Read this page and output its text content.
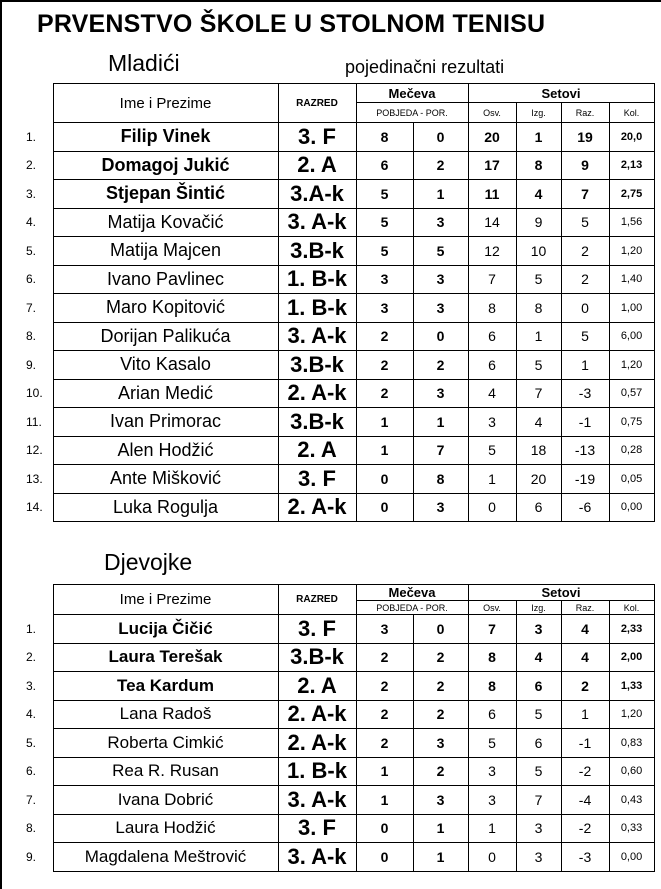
PRVENSTVO ŠKOLE U STOLNOM TENISU
Mladići	pojedinačni rezultati
	Ime i Prezime	RAZRED	Mečeva		Setovi			
			POBJEDA - POR.		Osv.	Izg.	Raz.	Kol.
1.	Filip Vinek	3. F	8	0	20	1	19	20,0
2.	Domagoj Jukić	2. A	6	2	17	8	9	2,13
3.	Stjepan Šintić	3.A-k	5	1	11	4	7	2,75
4.	Matija Kovačić	3. A-k	5	3	14	9	5	1,56
5.	Matija Majcen	3.B-k	5	5	12	10	2	1,20
6.	Ivano Pavlinec	1. B-k	3	3	7	5	2	1,40
7.	Maro Kopitović	1. B-k	3	3	8	8	0	1,00
8.	Dorijan Palikuća	3. A-k	2	0	6	1	5	6,00
9.	Vito Kasalo	3.B-k	2	2	6	5	1	1,20
10.	Arian Medić	2. A-k	2	3	4	7	-3	0,57
11.	Ivan Primorac	3.B-k	1	1	3	4	-1	0,75
12.	Alen Hodžić	2. A	1	7	5	18	-13	0,28
13.	Ante Mišković	3. F	0	8	1	20	-19	0,05
14.	Luka Rogulja	2. A-k	0	3	0	6	-6	0,00
Djevojke
	Ime i Prezime	RAZRED	Mečeva		Setovi			
			POBJEDA - POR.		Osv.	Izg.	Raz.	Kol.
1.	Lucija Čičić	3. F	3	0	7	3	4	2,33
2.	Laura Terešak	3.B-k	2	2	8	4	4	2,00
3.	Tea Kardum	2. A	2	2	8	6	2	1,33
4.	Lana Radoš	2. A-k	2	2	6	5	1	1,20
5.	Roberta Cimkić	2. A-k	2	3	5	6	-1	0,83
6.	Rea R. Rusan	1. B-k	1	2	3	5	-2	0,60
7.	Ivana Dobrić	3. A-k	1	3	3	7	-4	0,43
8.	Laura Hodžić	3. F	0	1	1	3	-2	0,33
9.	Magdalena Meštrović	3. A-k	0	1	0	3	-3	0,00
